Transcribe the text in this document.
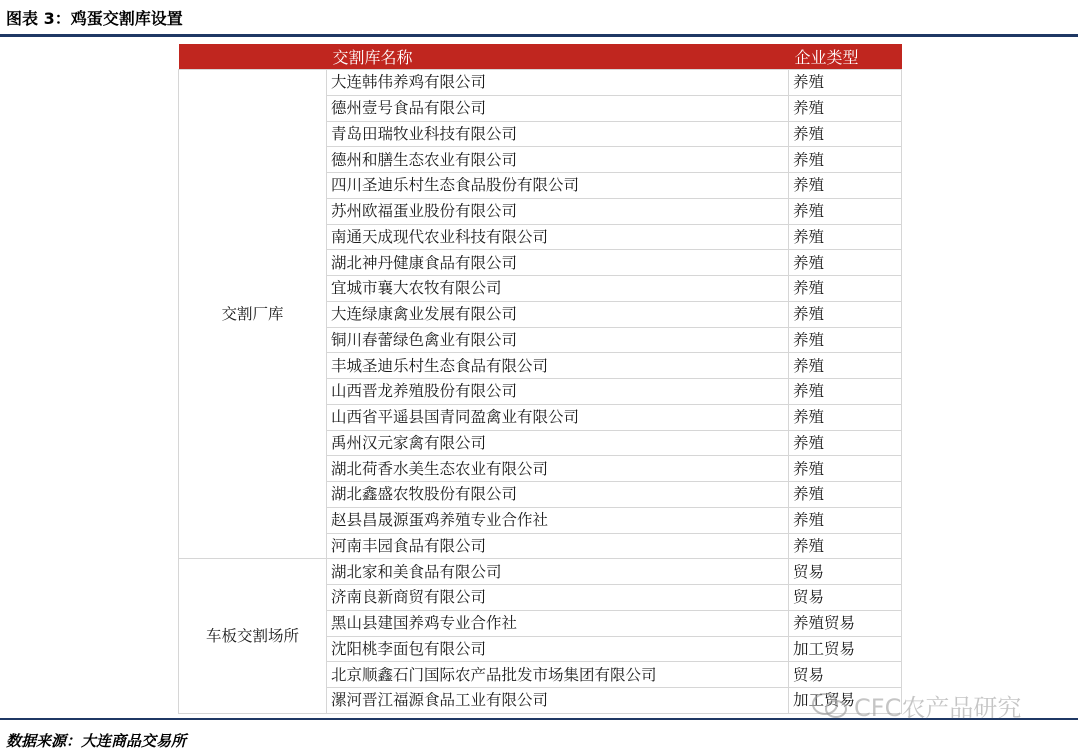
图表 3：鸡蛋交割库设置
	交割库名称	企业类型
交割厂库	大连韩伟养鸡有限公司	养殖
	德州壹号食品有限公司	养殖
	青岛田瑞牧业科技有限公司	养殖
	德州和膳生态农业有限公司	养殖
	四川圣迪乐村生态食品股份有限公司	养殖
	苏州欧福蛋业股份有限公司	养殖
	南通天成现代农业科技有限公司	养殖
	湖北神丹健康食品有限公司	养殖
	宜城市襄大农牧有限公司	养殖
	大连绿康禽业发展有限公司	养殖
	铜川春蕾绿色禽业有限公司	养殖
	丰城圣迪乐村生态食品有限公司	养殖
	山西晋龙养殖股份有限公司	养殖
	山西省平遥县国青同盈禽业有限公司	养殖
	禹州汉元家禽有限公司	养殖
	湖北荷香水美生态农业有限公司	养殖
	湖北鑫盛农牧股份有限公司	养殖
	赵县昌晟源蛋鸡养殖专业合作社	养殖
	河南丰园食品有限公司	养殖
车板交割场所	湖北家和美食品有限公司	贸易
	济南良新商贸有限公司	贸易
	黑山县建国养鸡专业合作社	养殖贸易
	沈阳桃李面包有限公司	加工贸易
	北京顺鑫石门国际农产品批发市场集团有限公司	贸易
	漯河晋江福源食品工业有限公司	加工贸易
数据来源：大连商品交易所
CFC农产品研究
